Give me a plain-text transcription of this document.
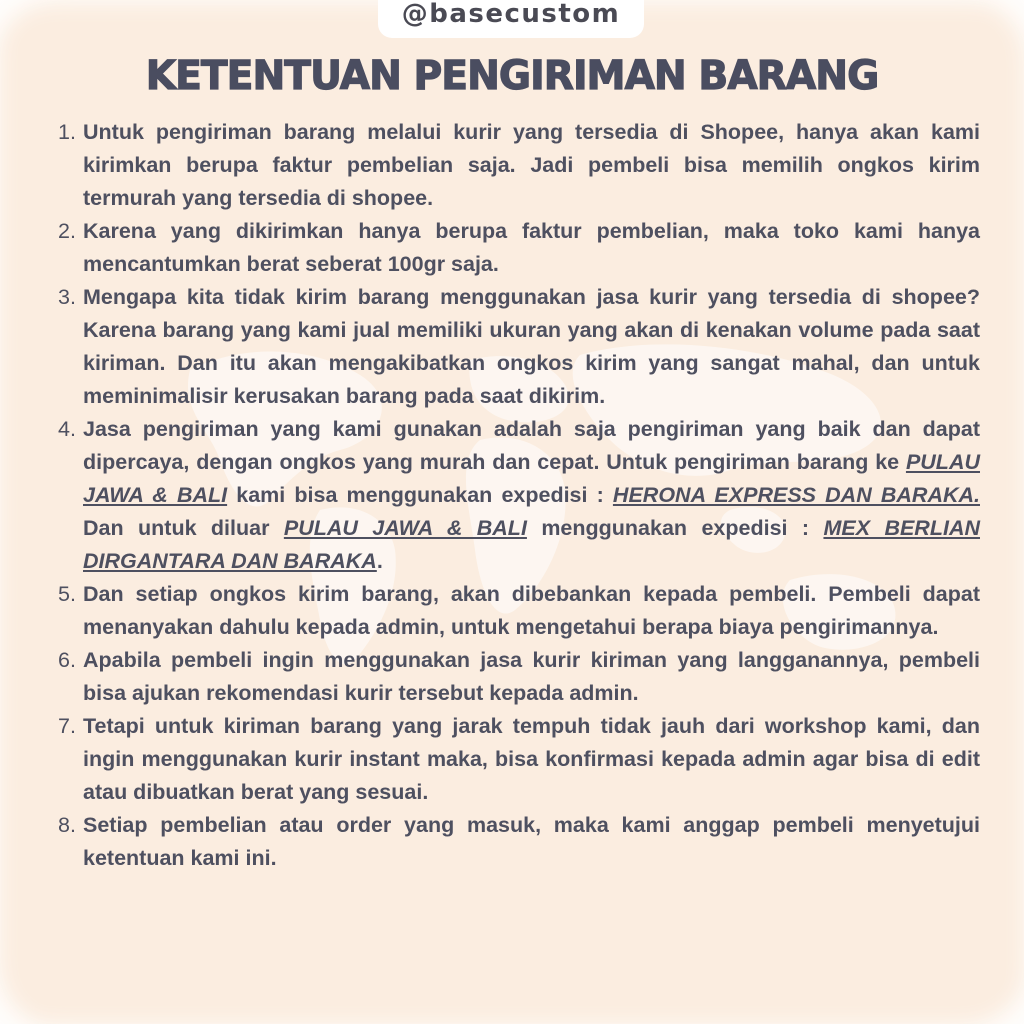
@basecustom
KETENTUAN PENGIRIMAN BARANG
1. Untuk pengiriman barang melalui kurir yang tersedia di Shopee, hanya akan kami kirimkan berupa faktur pembelian saja. Jadi pembeli bisa memilih ongkos kirim termurah yang tersedia di shopee.
2. Karena yang dikirimkan hanya berupa faktur pembelian, maka toko kami hanya mencantumkan berat seberat 100gr saja.
3. Mengapa kita tidak kirim barang menggunakan jasa kurir yang tersedia di shopee? Karena barang yang kami jual memiliki ukuran yang akan di kenakan volume pada saat kiriman. Dan itu akan mengakibatkan ongkos kirim yang sangat mahal, dan untuk meminimalisir kerusakan barang pada saat dikirim.
4. Jasa pengiriman yang kami gunakan adalah saja pengiriman yang baik dan dapat dipercaya, dengan ongkos yang murah dan cepat. Untuk pengiriman barang ke PULAU JAWA & BALI kami bisa menggunakan expedisi : HERONA EXPRESS DAN BARAKA. Dan untuk diluar PULAU JAWA & BALI menggunakan expedisi : MEX BERLIAN DIRGANTARA DAN BARAKA.
5. Dan setiap ongkos kirim barang, akan dibebankan kepada pembeli. Pembeli dapat menanyakan dahulu kepada admin, untuk mengetahui berapa biaya pengirimannya.
6. Apabila pembeli ingin menggunakan jasa kurir kiriman yang langganannya, pembeli bisa ajukan rekomendasi kurir tersebut kepada admin.
7. Tetapi untuk kiriman barang yang jarak tempuh tidak jauh dari workshop kami, dan ingin menggunakan kurir instant maka, bisa konfirmasi kepada admin agar bisa di edit atau dibuatkan berat yang sesuai.
8. Setiap pembelian atau order yang masuk, maka kami anggap pembeli menyetujui ketentuan kami ini.
